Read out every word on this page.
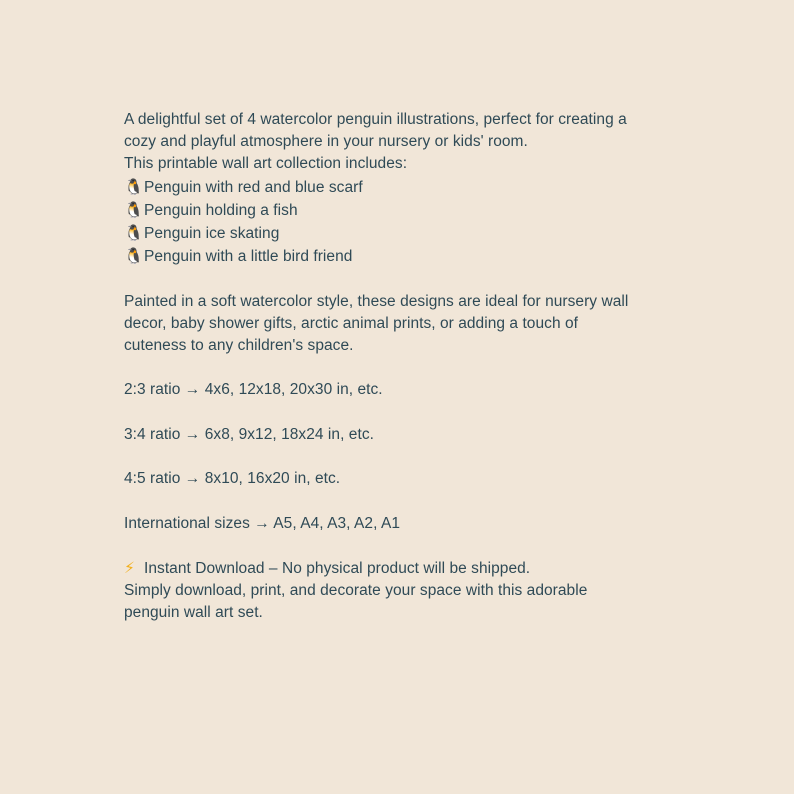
A delightful set of 4 watercolor penguin illustrations, perfect for creating a
cozy and playful atmosphere in your nursery or kids' room.
This printable wall art collection includes:
🐧Penguin with red and blue scarf
🐧Penguin holding a fish
🐧Penguin ice skating
🐧Penguin with a little bird friend
Painted in a soft watercolor style, these designs are ideal for nursery wall
decor, baby shower gifts, arctic animal prints, or adding a touch of
cuteness to any children's space.
2:3 ratio → 4x6, 12x18, 20x30 in, etc.
3:4 ratio → 6x8, 9x12, 18x24 in, etc.
4:5 ratio → 8x10, 16x20 in, etc.
International sizes → A5, A4, A3, A2, A1
⚡ Instant Download – No physical product will be shipped.
Simply download, print, and decorate your space with this adorable
penguin wall art set.
